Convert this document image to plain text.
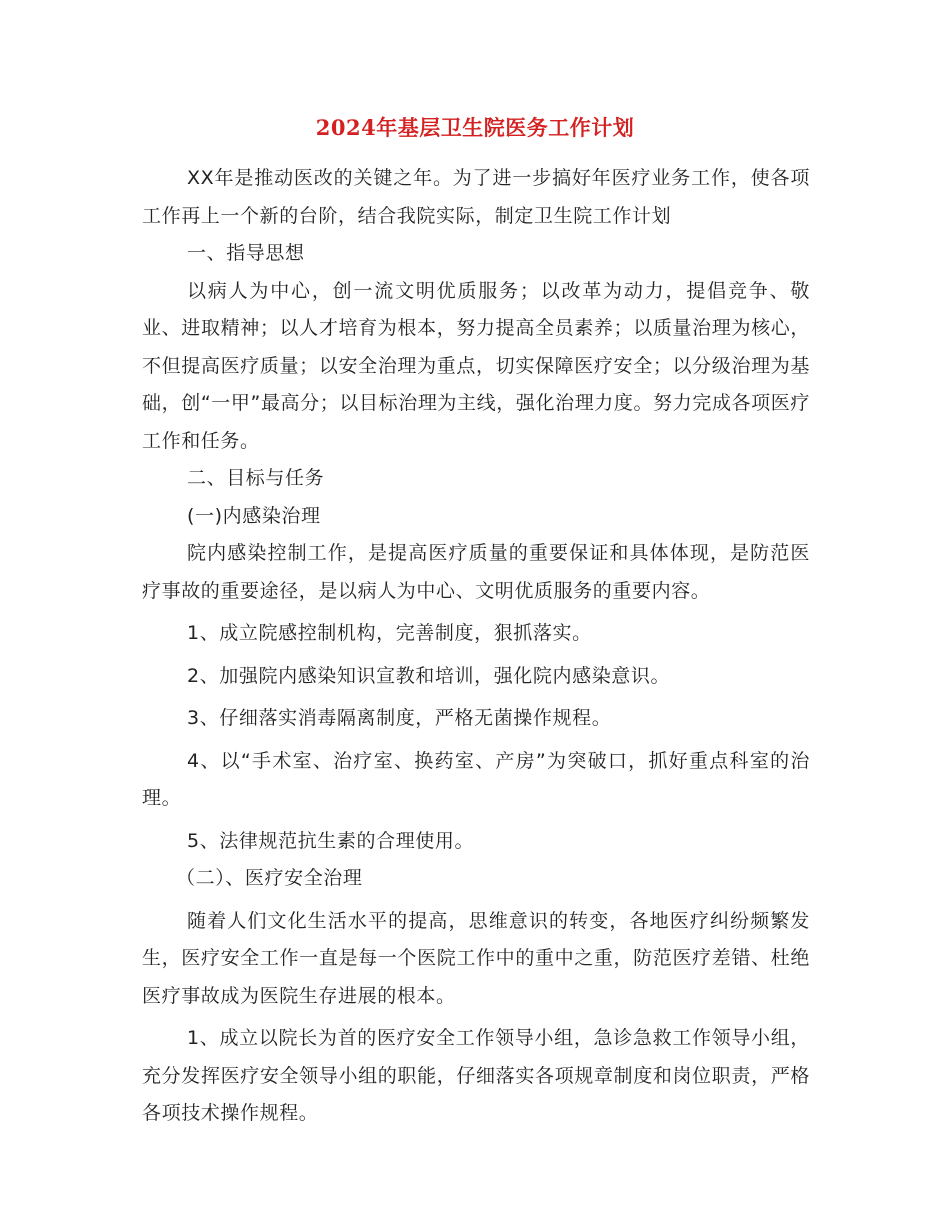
2024年基层卫生院医务工作计划

XX年是推动医改的关键之年。为了进一步搞好年医疗业务工作，使各项工作再上一个新的台阶，结合我院实际，制定卫生院工作计划

一、指导思想

以病人为中心，创一流文明优质服务；以改革为动力，提倡竞争、敬业、进取精神；以人才培育为根本，努力提高全员素养；以质量治理为核心，不但提高医疗质量；以安全治理为重点，切实保障医疗安全；以分级治理为基础，创“一甲”最高分；以目标治理为主线，强化治理力度。努力完成各项医疗工作和任务。

二、目标与任务

(一)内感染治理

院内感染控制工作，是提高医疗质量的重要保证和具体体现，是防范医疗事故的重要途径，是以病人为中心、文明优质服务的重要内容。

1、成立院感控制机构，完善制度，狠抓落实。

2、加强院内感染知识宣教和培训，强化院内感染意识。

3、仔细落实消毒隔离制度，严格无菌操作规程。

4、以“手术室、治疗室、换药室、产房”为突破口，抓好重点科室的治理。

5、法律规范抗生素的合理使用。

（二）、医疗安全治理

随着人们文化生活水平的提高，思维意识的转变，各地医疗纠纷频繁发生，医疗安全工作一直是每一个医院工作中的重中之重，防范医疗差错、杜绝医疗事故成为医院生存进展的根本。

1、成立以院长为首的医疗安全工作领导小组，急诊急救工作领导小组，充分发挥医疗安全领导小组的职能，仔细落实各项规章制度和岗位职责，严格各项技术操作规程。
